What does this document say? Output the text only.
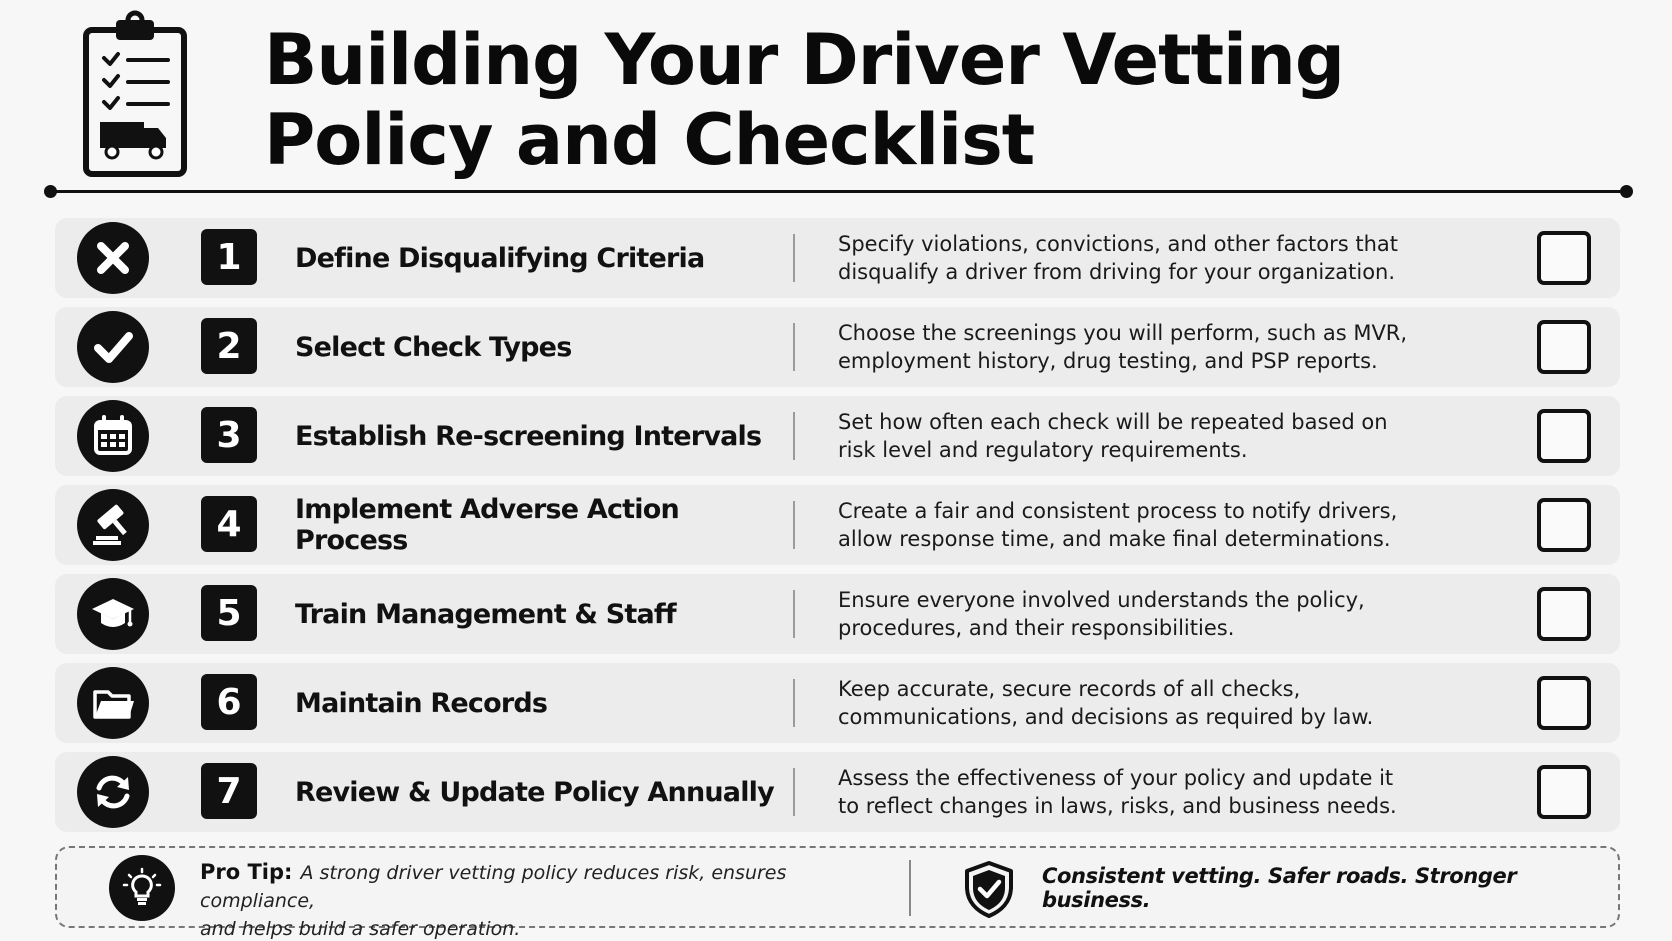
Building Your Driver Vetting
Policy and Checklist
1	Define Disqualifying Criteria	Specify violations, convictions, and other factors that
disqualify a driver from driving for your organization.
2	Select Check Types	Choose the screenings you will perform, such as MVR,
employment history, drug testing, and PSP reports.
3	Establish Re-screening Intervals	Set how often each check will be repeated based on
risk level and regulatory requirements.
4	Implement Adverse Action Process
Create a fair and consistent process to notify drivers,
allow response time, and make final determinations.
5	Train Management & Staff	Ensure everyone involved understands the policy,
procedures, and their responsibilities.
6	Maintain Records	Keep accurate, secure records of all checks,
communications, and decisions as required by law.
7	Review & Update Policy Annually	Assess the effectiveness of your policy and update it
to reflect changes in laws, risks, and business needs.
Pro Tip: A strong driver vetting policy reduces risk, ensures compliance,
and helps build a safer operation.
Consistent vetting. Safer roads. Stronger business.
